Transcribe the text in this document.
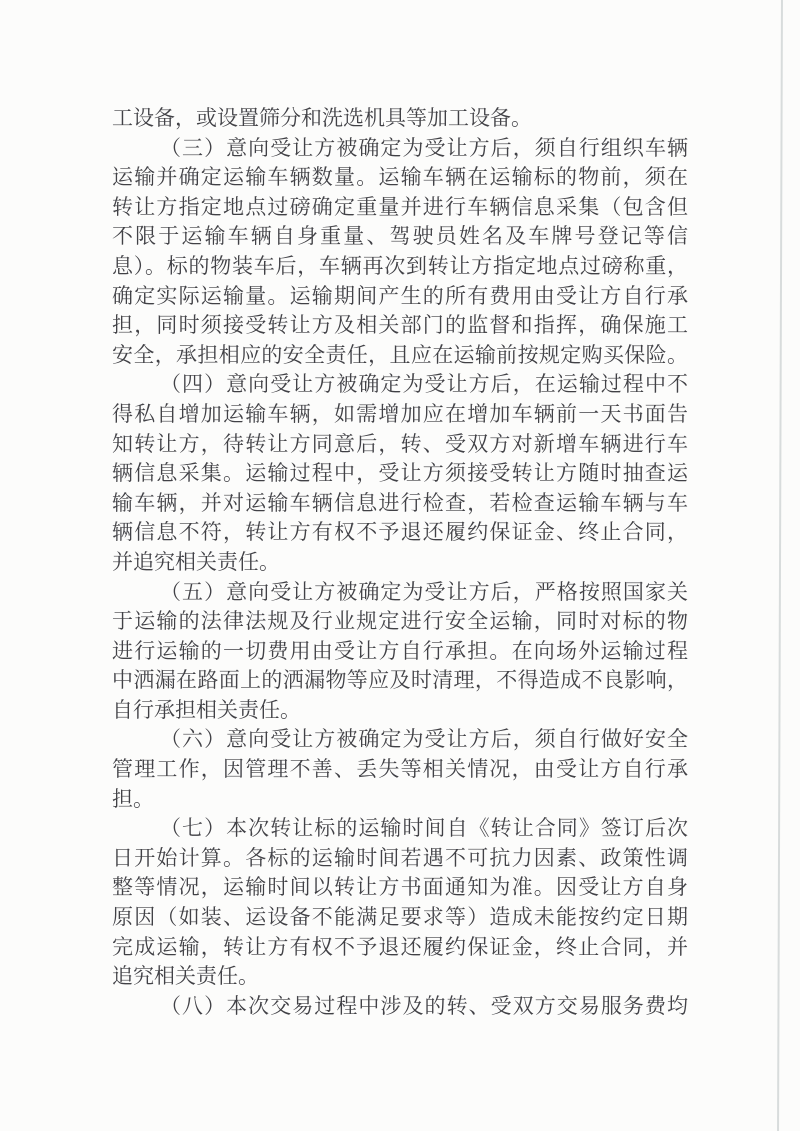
工设备，或设置筛分和洗选机具等加工设备。
（三）意向受让方被确定为受让方后，须自行组织车辆
运输并确定运输车辆数量。运输车辆在运输标的物前，须在
转让方指定地点过磅确定重量并进行车辆信息采集（包含但
不限于运输车辆自身重量、驾驶员姓名及车牌号登记等信
息）。标的物装车后，车辆再次到转让方指定地点过磅称重，
确定实际运输量。运输期间产生的所有费用由受让方自行承
担，同时须接受转让方及相关部门的监督和指挥，确保施工
安全，承担相应的安全责任，且应在运输前按规定购买保险。
（四）意向受让方被确定为受让方后，在运输过程中不
得私自增加运输车辆，如需增加应在增加车辆前一天书面告
知转让方，待转让方同意后，转、受双方对新增车辆进行车
辆信息采集。运输过程中，受让方须接受转让方随时抽查运
输车辆，并对运输车辆信息进行检查，若检查运输车辆与车
辆信息不符，转让方有权不予退还履约保证金、终止合同，
并追究相关责任。
（五）意向受让方被确定为受让方后，严格按照国家关
于运输的法律法规及行业规定进行安全运输，同时对标的物
进行运输的一切费用由受让方自行承担。在向场外运输过程
中洒漏在路面上的洒漏物等应及时清理，不得造成不良影响，
自行承担相关责任。
（六）意向受让方被确定为受让方后，须自行做好安全
管理工作，因管理不善、丢失等相关情况，由受让方自行承
担。
（七）本次转让标的运输时间自《转让合同》签订后次
日开始计算。各标的运输时间若遇不可抗力因素、政策性调
整等情况，运输时间以转让方书面通知为准。因受让方自身
原因（如装、运设备不能满足要求等）造成未能按约定日期
完成运输，转让方有权不予退还履约保证金，终止合同，并
追究相关责任。
（八）本次交易过程中涉及的转、受双方交易服务费均
